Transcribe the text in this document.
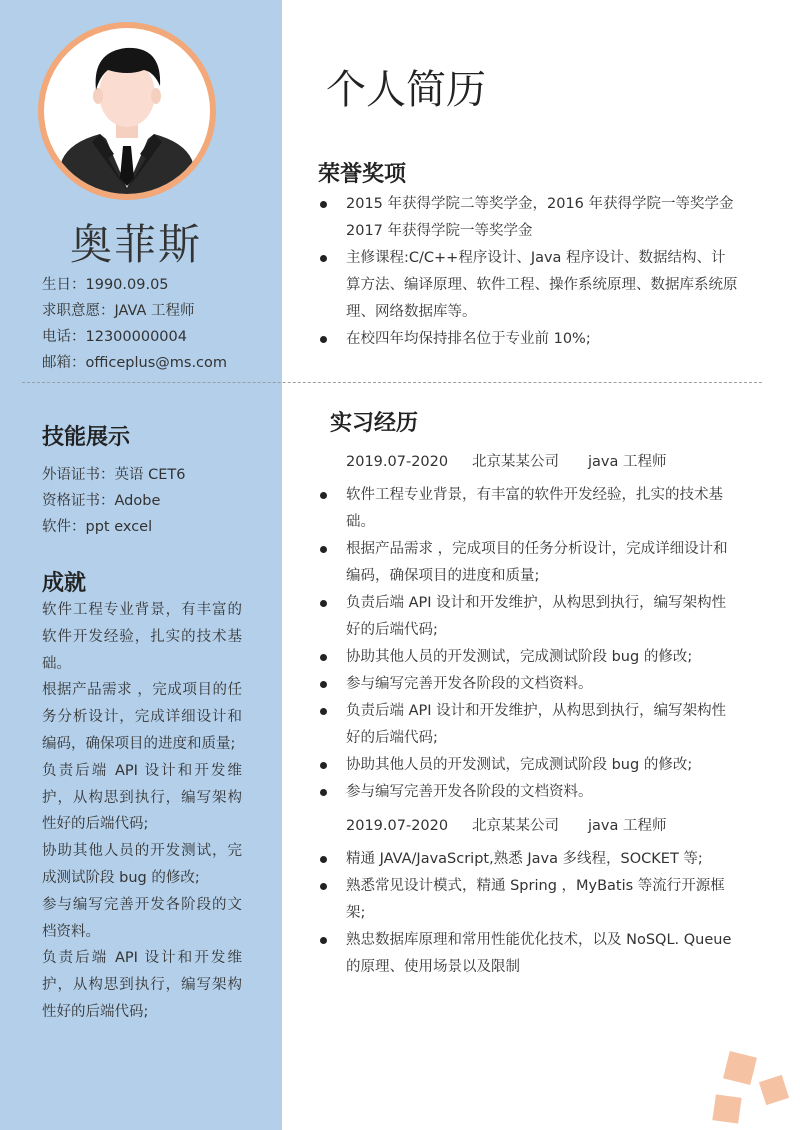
奥菲斯
生日：1990.09.05
求职意愿：JAVA 工程师
电话：12300000004
邮箱：officeplus@ms.com
技能展示
外语证书：英语 CET6
资格证书：Adobe
软件：ppt excel
成就

软件工程专业背景，有丰富的软件开发经验，扎实的技术基础。

根据产品需求 ，完成项目的任务分析设计，完成详细设计和编码，确保项目的进度和质量;

负责后端 API 设计和开发维护，从构思到执行，编写架构性好的后端代码;

协助其他人员的开发测试，完成测试阶段 bug 的修改;

参与编写完善开发各阶段的文档资料。

负责后端 API 设计和开发维护，从构思到执行，编写架构性好的后端代码;

个人简历
荣誉奖项
2015 年获得学院二等奖学金，2016 年获得学院一等奖学金 2017 年获得学院一等奖学金
主修课程:C/C++程序设计、Java 程序设计、数据结构、计算方法、编译原理、软件工程、操作系统原理、数据库系统原理、网络数据库等。
在校四年均保持排名位于专业前 10%;
实习经历
2019.07-2020 北京某某公司 java 工程师
软件工程专业背景，有丰富的软件开发经验，扎实的技术基础。
根据产品需求 ，完成项目的任务分析设计，完成详细设计和编码，确保项目的进度和质量;
负责后端 API 设计和开发维护，从构思到执行，编写架构性好的后端代码;
协助其他人员的开发测试，完成测试阶段 bug 的修改;
参与编写完善开发各阶段的文档资料。
负责后端 API 设计和开发维护，从构思到执行，编写架构性好的后端代码;
协助其他人员的开发测试，完成测试阶段 bug 的修改;
参与编写完善开发各阶段的文档资料。
2019.07-2020 北京某某公司 java 工程师
精通 JAVA/JavaScript,熟悉 Java 多线程，SOCKET 等;
熟悉常见设计模式，精通 Spring ，MyBatis 等流行开源框架;
熟忠数据库原理和常用性能优化技术，以及 NoSQL. Queue 的原理、使用场景以及限制
